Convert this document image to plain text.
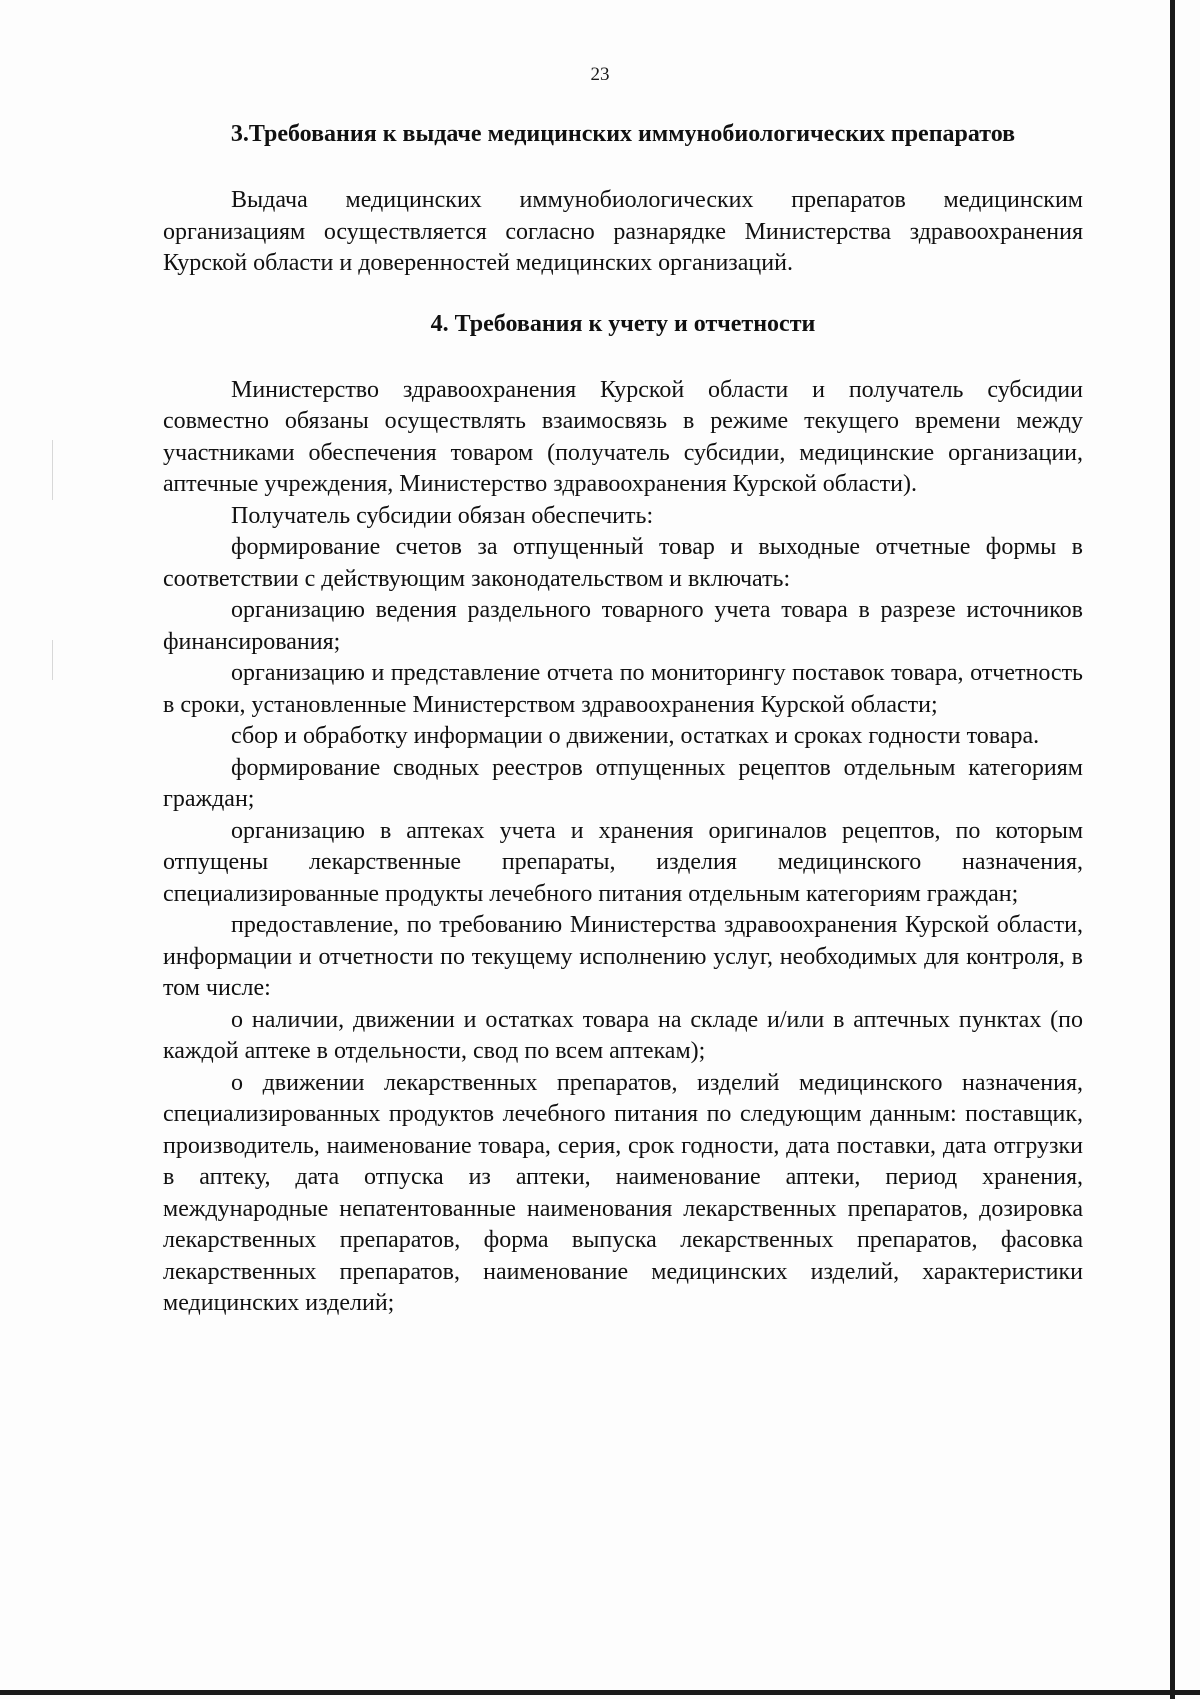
23
3.Требования к выдаче медицинских иммунобиологических препаратов

Выдача медицинских иммунобиологических препаратов медицинским организациям осуществляется согласно разнарядке Министерства здравоохранения Курской области и доверенностей медицинских организаций.

4. Требования к учету и отчетности

Министерство здравоохранения Курской области и получатель субсидии совместно обязаны осуществлять взаимосвязь в режиме текущего времени между участниками обеспечения товаром (получатель субсидии, медицинские организации, аптечные учреждения, Министерство здравоохранения Курской области).

Получатель субсидии обязан обеспечить:

формирование счетов за отпущенный товар и выходные отчетные формы в соответствии с действующим законодательством и включать:

организацию ведения раздельного товарного учета товара в разрезе источников финансирования;

организацию и представление отчета по мониторингу поставок товара, отчетность в сроки, установленные Министерством здравоохранения Курской области;

сбор и обработку информации о движении, остатках и сроках годности товара.

формирование сводных реестров отпущенных рецептов отдельным категориям граждан;

организацию в аптеках учета и хранения оригиналов рецептов, по которым отпущены лекарственные препараты, изделия медицинского назначения, специализированные продукты лечебного питания отдельным категориям граждан;

предоставление, по требованию Министерства здравоохранения Курской области, информации и отчетности по текущему исполнению услуг, необходимых для контроля, в том числе:

о наличии, движении и остатках товара на складе и/или в аптечных пунктах (по каждой аптеке в отдельности, свод по всем аптекам);

о движении лекарственных препаратов, изделий медицинского назначения, специализированных продуктов лечебного питания по следующим данным: поставщик, производитель, наименование товара, серия, срок годности, дата поставки, дата отгрузки в аптеку, дата отпуска из аптеки, наименование аптеки, период хранения, международные непатентованные наименования лекарственных препаратов, дозировка лекарственных препаратов, форма выпуска лекарственных препаратов, фасовка лекарственных препаратов, наименование медицинских изделий, характеристики медицинских изделий;
